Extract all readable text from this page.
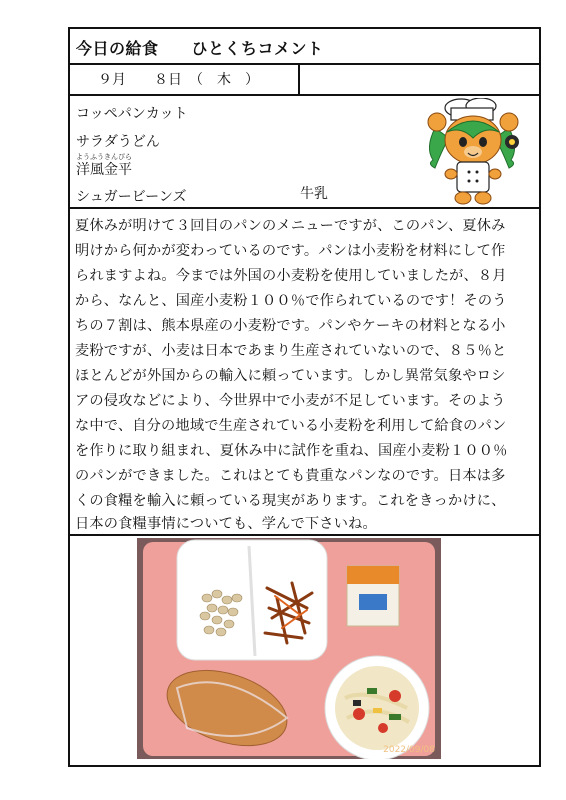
今日の給食　　ひとくちコメント
９月　　８日　（　木　）
コッペパンカット
サラダうどん
ようふうきんぴら
洋風金平
シュガービーンズ	牛乳
夏休みが明けて３回目のパンのメニューですが、このパン、夏休み
明けから何かが変わっているのです。パンは小麦粉を材料にして作
られますよね。今までは外国の小麦粉を使用していましたが、８月
から、なんと、国産小麦粉１００％で作られているのです！そのう
ちの７割は、熊本県産の小麦粉です。パンやケーキの材料となる小
麦粉ですが、小麦は日本であまり生産されていないので、８５％と
ほとんどが外国からの輸入に頼っています。しかし異常気象やロシ
アの侵攻などにより、今世界中で小麦が不足しています。そのよう
な中で、自分の地域で生産されている小麦粉を利用して給食のパン
を作りに取り組まれ、夏休み中に試作を重ね、国産小麦粉１００％
のパンができました。これはとても貴重なパンなのです。日本は多
くの食糧を輸入に頼っている現実があります。これをきっかけに、
日本の食糧事情についても、学んで下さいね。
2022/09/08
